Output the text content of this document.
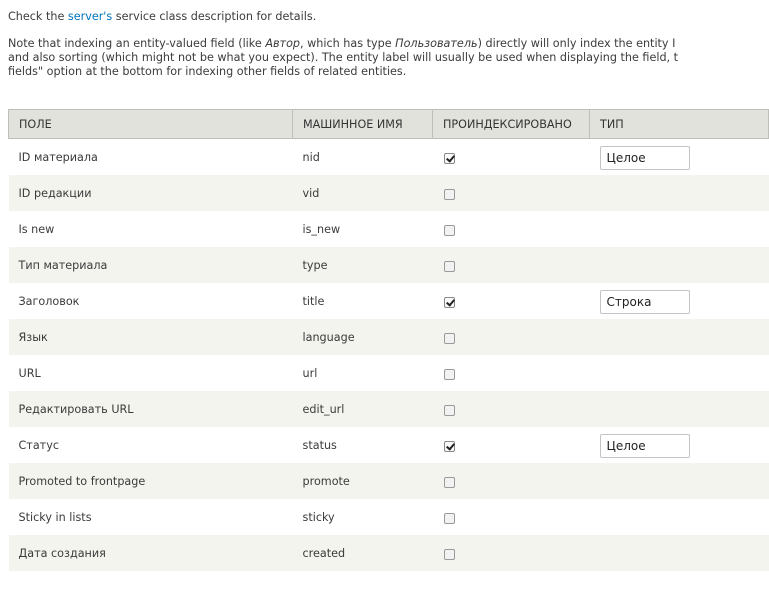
Check the server's service class description for details.

Note that indexing an entity-valued field (like Автор, which has type Пользователь) directly will only index the entity I
and also sorting (which might not be what you expect). The entity label will usually be used when displaying the field, t
fields" option at the bottom for indexing other fields of related entities.

ПОЛЕ	МАШИННОЕ ИМЯ	ПРОИНДЕКСИРОВАНО	ТИП
ID материала	nid		Целое
ID редакции	vid		
Is new	is_new		
Тип материала	type		
Заголовок	title		Строка
Язык	language		
URL	url		
Редактировать URL	edit_url		
Статус	status		Целое
Promoted to frontpage	promote		
Sticky in lists	sticky		
Дата создания	created		
